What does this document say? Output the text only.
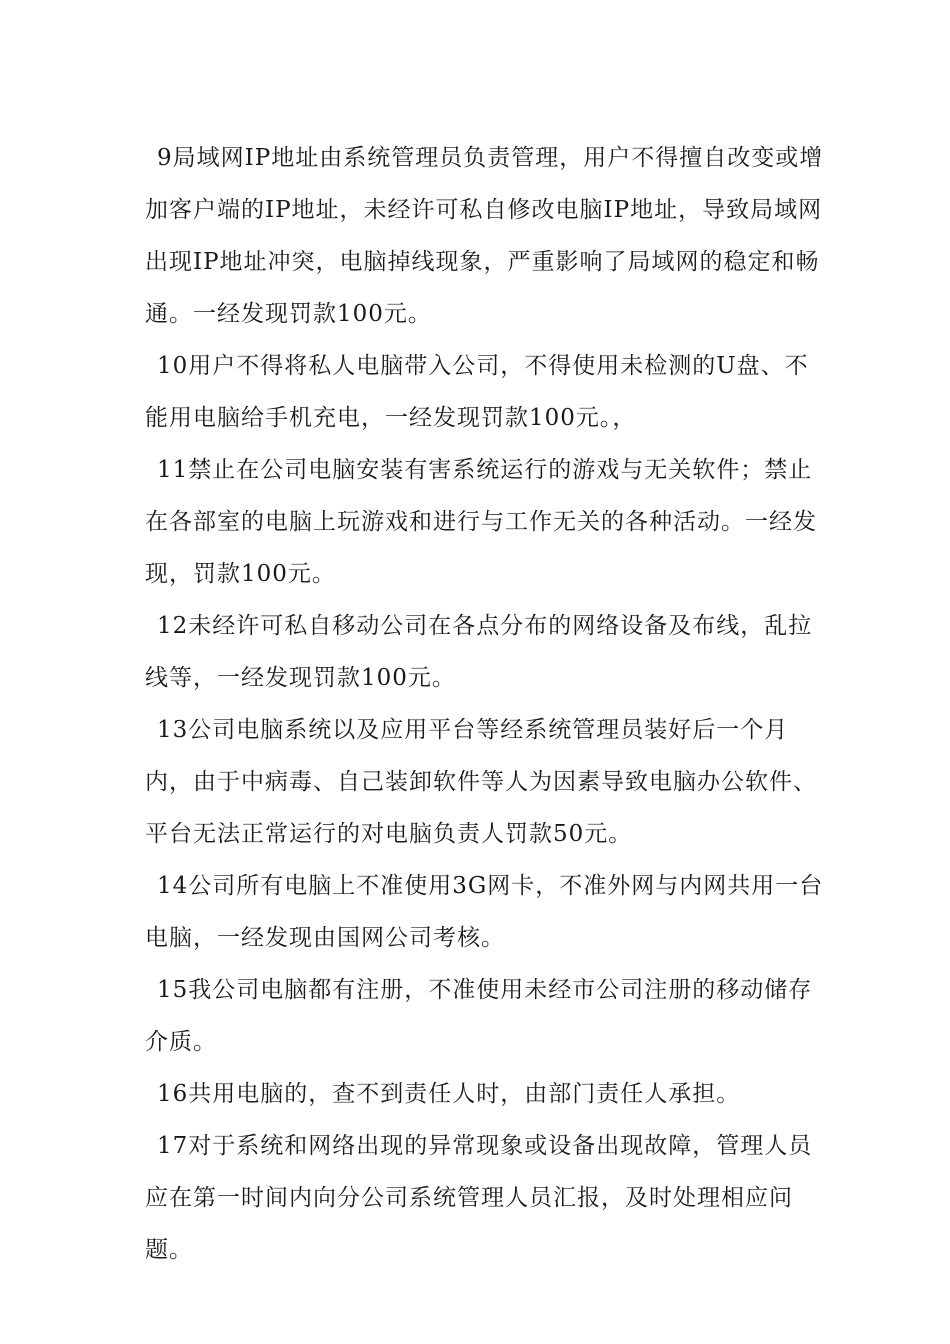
9局域网IP地址由系统管理员负责管理，用户不得擅自改变或增加客户端的IP地址，未经许可私自修改电脑IP地址，导致局域网出现IP地址冲突，电脑掉线现象，严重影响了局域网的稳定和畅通。一经发现罚款100元。

10用户不得将私人电脑带入公司，不得使用未检测的U盘、不能用电脑给手机充电，一经发现罚款100元。，

11禁止在公司电脑安装有害系统运行的游戏与无关软件；禁止在各部室的电脑上玩游戏和进行与工作无关的各种活动。一经发现，罚款100元。

12未经许可私自移动公司在各点分布的网络设备及布线，乱拉线等，一经发现罚款100元。

13公司电脑系统以及应用平台等经系统管理员装好后一个月内，由于中病毒、自己装卸软件等人为因素导致电脑办公软件、平台无法正常运行的对电脑负责人罚款50元。

14公司所有电脑上不准使用3G网卡，不准外网与内网共用一台电脑，一经发现由国网公司考核。

15我公司电脑都有注册，不准使用未经市公司注册的移动储存介质。

16共用电脑的，查不到责任人时，由部门责任人承担。

17对于系统和网络出现的异常现象或设备出现故障，管理人员应在第一时间内向分公司系统管理人员汇报，及时处理相应问题。
